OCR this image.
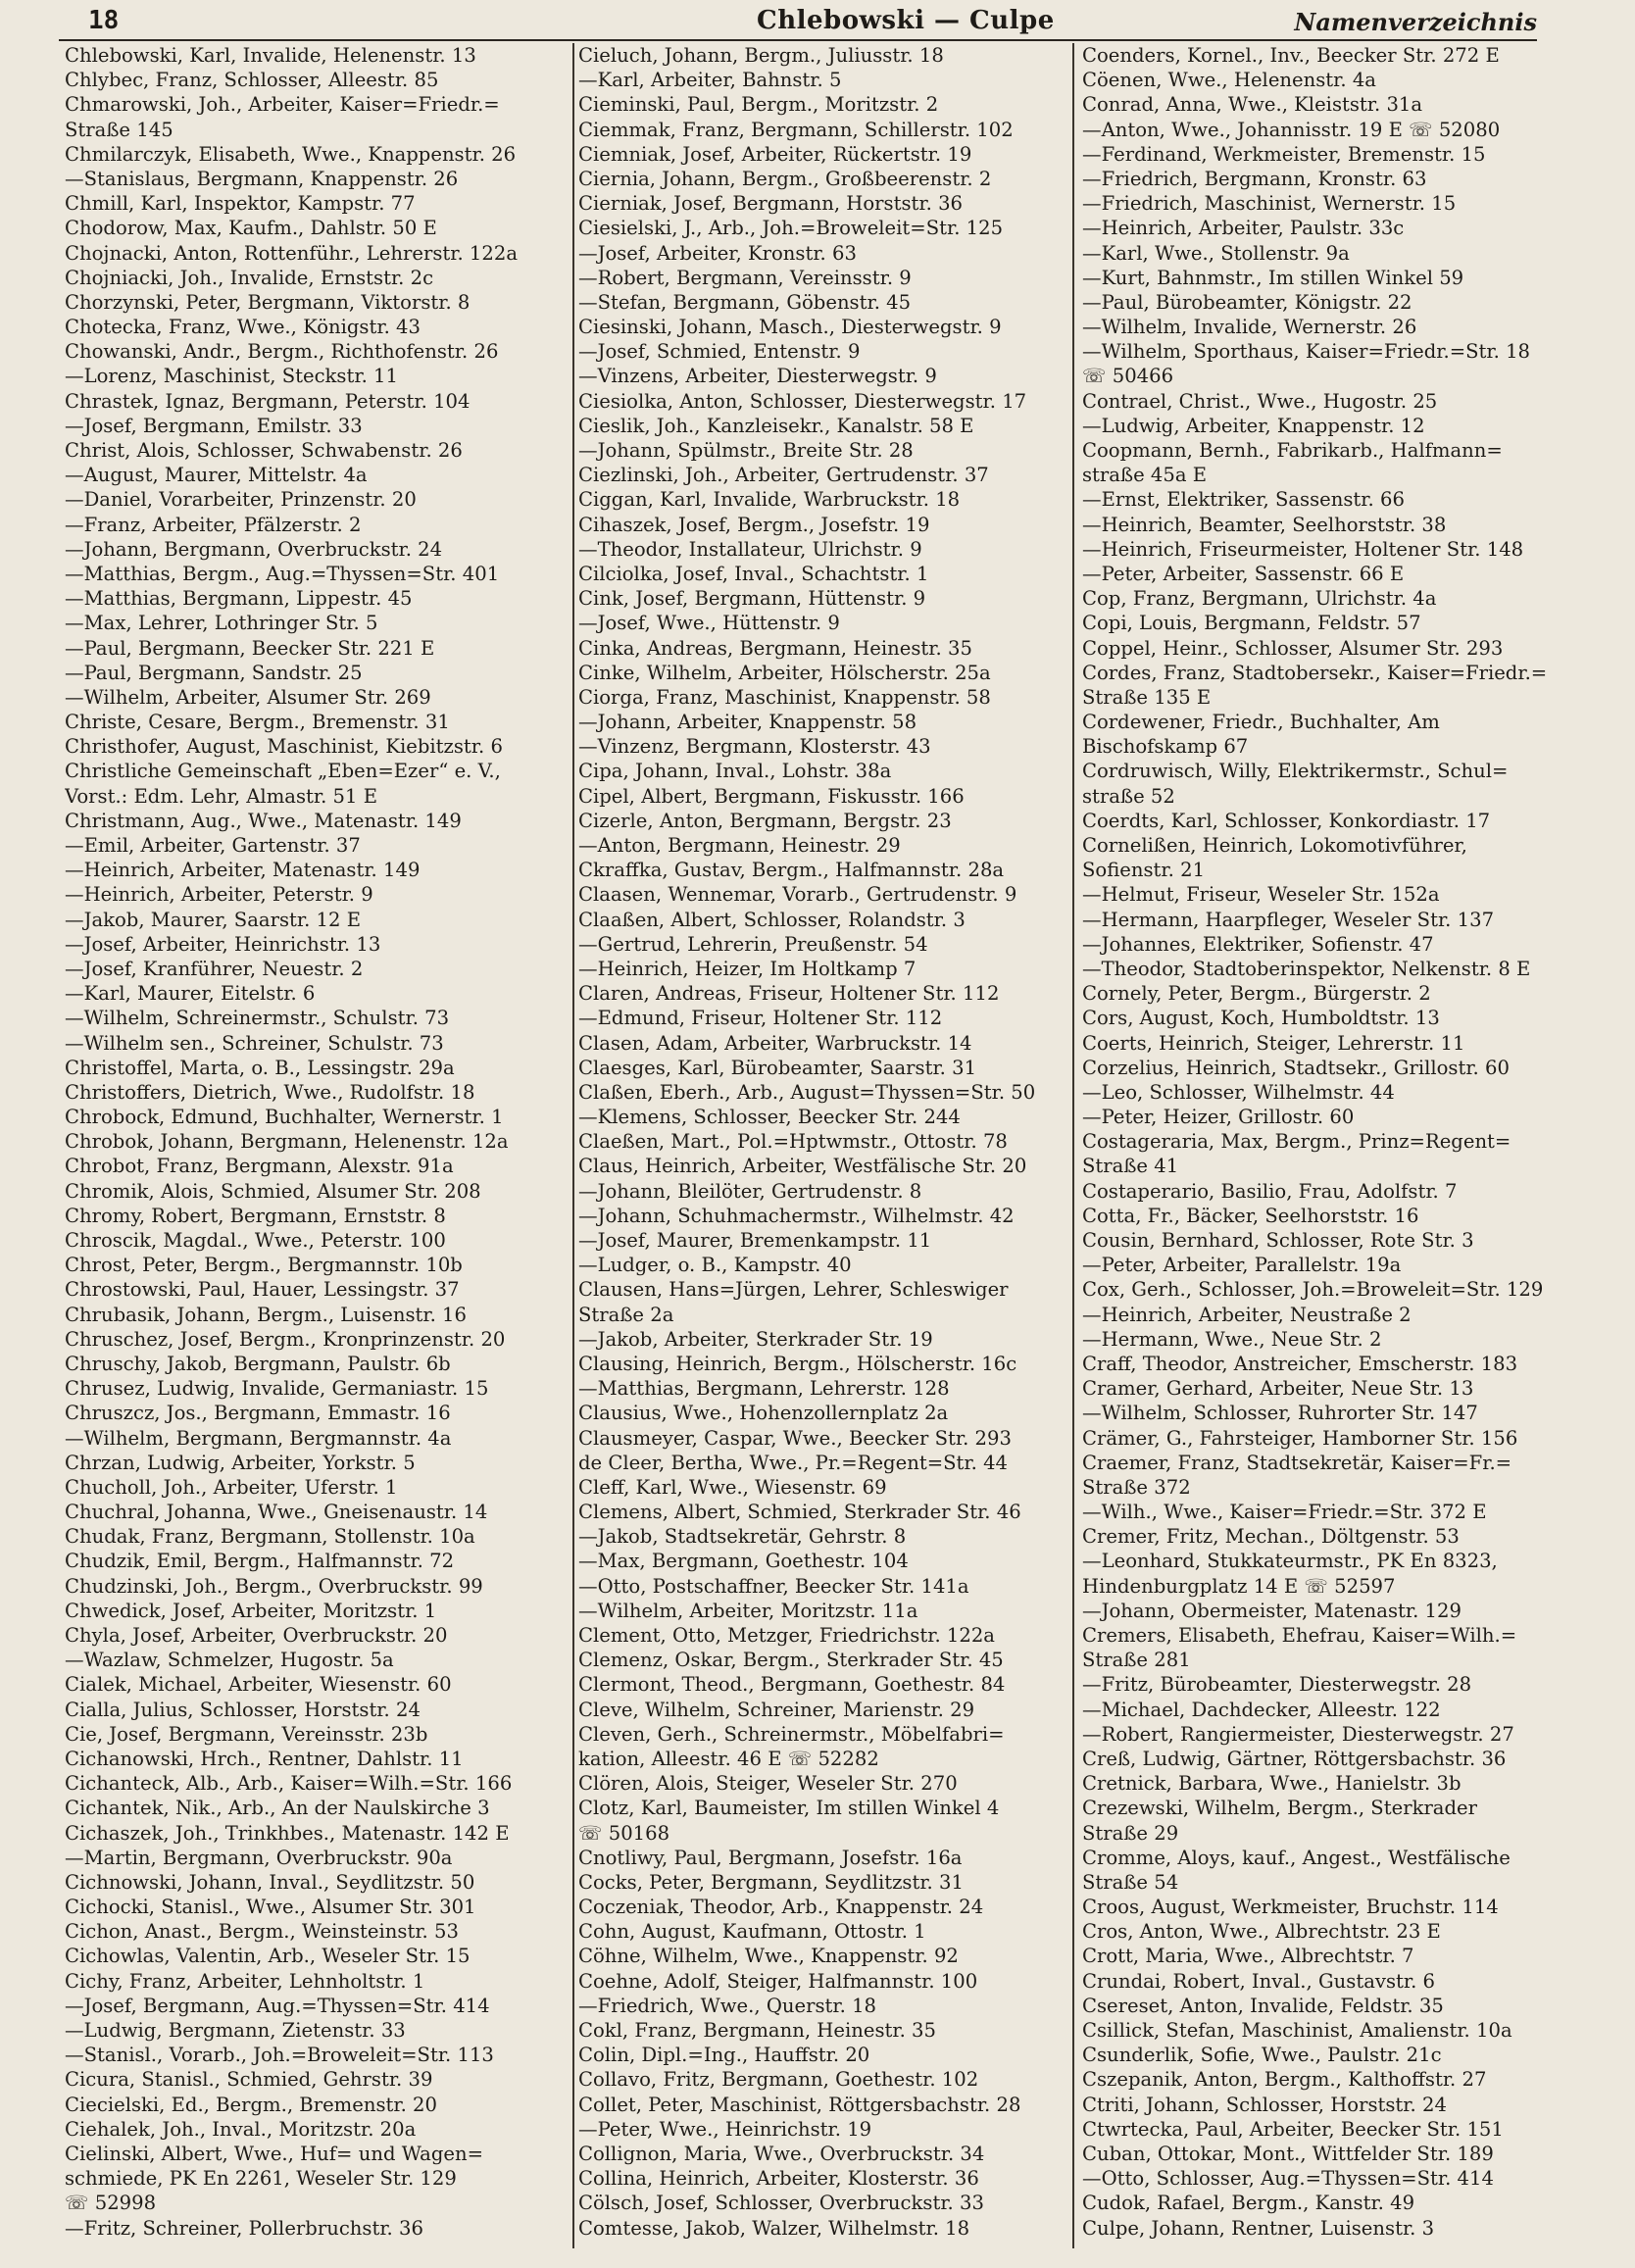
18	Chlebowski — Culpe	Namenverzeichnis
Chlebowski, Karl, Invalide, Helenenstr. 13
Chlybec, Franz, Schlosser, Alleestr. 85
Chmarowski, Joh., Arbeiter, Kaiser=Friedr.=
Straße 145
Chmilarczyk, Elisabeth, Wwe., Knappenstr. 26
—Stanislaus, Bergmann, Knappenstr. 26
Chmill, Karl, Inspektor, Kampstr. 77
Chodorow, Max, Kaufm., Dahlstr. 50 E
Chojnacki, Anton, Rottenführ., Lehrerstr. 122a
Chojniacki, Joh., Invalide, Ernststr. 2c
Chorzynski, Peter, Bergmann, Viktorstr. 8
Chotecka, Franz, Wwe., Königstr. 43
Chowanski, Andr., Bergm., Richthofenstr. 26
—Lorenz, Maschinist, Steckstr. 11
Chrastek, Ignaz, Bergmann, Peterstr. 104
—Josef, Bergmann, Emilstr. 33
Christ, Alois, Schlosser, Schwabenstr. 26
—August, Maurer, Mittelstr. 4a
—Daniel, Vorarbeiter, Prinzenstr. 20
—Franz, Arbeiter, Pfälzerstr. 2
—Johann, Bergmann, Overbruckstr. 24
—Matthias, Bergm., Aug.=Thyssen=Str. 401
—Matthias, Bergmann, Lippestr. 45
—Max, Lehrer, Lothringer Str. 5
—Paul, Bergmann, Beecker Str. 221 E
—Paul, Bergmann, Sandstr. 25
—Wilhelm, Arbeiter, Alsumer Str. 269
Christe, Cesare, Bergm., Bremenstr. 31
Christhofer, August, Maschinist, Kiebitzstr. 6
Christliche Gemeinschaft „Eben=Ezer“ e. V.,
Vorst.: Edm. Lehr, Almastr. 51 E
Christmann, Aug., Wwe., Matenastr. 149
—Emil, Arbeiter, Gartenstr. 37
—Heinrich, Arbeiter, Matenastr. 149
—Heinrich, Arbeiter, Peterstr. 9
—Jakob, Maurer, Saarstr. 12 E
—Josef, Arbeiter, Heinrichstr. 13
—Josef, Kranführer, Neuestr. 2
—Karl, Maurer, Eitelstr. 6
—Wilhelm, Schreinermstr., Schulstr. 73
—Wilhelm sen., Schreiner, Schulstr. 73
Christoffel, Marta, o. B., Lessingstr. 29a
Christoffers, Dietrich, Wwe., Rudolfstr. 18
Chrobock, Edmund, Buchhalter, Wernerstr. 1
Chrobok, Johann, Bergmann, Helenenstr. 12a
Chrobot, Franz, Bergmann, Alexstr. 91a
Chromik, Alois, Schmied, Alsumer Str. 208
Chromy, Robert, Bergmann, Ernststr. 8
Chroscik, Magdal., Wwe., Peterstr. 100
Chrost, Peter, Bergm., Bergmannstr. 10b
Chrostowski, Paul, Hauer, Lessingstr. 37
Chrubasik, Johann, Bergm., Luisenstr. 16
Chruschez, Josef, Bergm., Kronprinzenstr. 20
Chruschy, Jakob, Bergmann, Paulstr. 6b
Chrusez, Ludwig, Invalide, Germaniastr. 15
Chruszcz, Jos., Bergmann, Emmastr. 16
—Wilhelm, Bergmann, Bergmannstr. 4a
Chrzan, Ludwig, Arbeiter, Yorkstr. 5
Chucholl, Joh., Arbeiter, Uferstr. 1
Chuchral, Johanna, Wwe., Gneisenaustr. 14
Chudak, Franz, Bergmann, Stollenstr. 10a
Chudzik, Emil, Bergm., Halfmannstr. 72
Chudzinski, Joh., Bergm., Overbruckstr. 99
Chwedick, Josef, Arbeiter, Moritzstr. 1
Chyla, Josef, Arbeiter, Overbruckstr. 20
—Wazlaw, Schmelzer, Hugostr. 5a
Cialek, Michael, Arbeiter, Wiesenstr. 60
Cialla, Julius, Schlosser, Horststr. 24
Cie, Josef, Bergmann, Vereinsstr. 23b
Cichanowski, Hrch., Rentner, Dahlstr. 11
Cichanteck, Alb., Arb., Kaiser=Wilh.=Str. 166
Cichantek, Nik., Arb., An der Naulskirche 3
Cichaszek, Joh., Trinkhbes., Matenastr. 142 E
—Martin, Bergmann, Overbruckstr. 90a
Cichnowski, Johann, Inval., Seydlitzstr. 50
Cichocki, Stanisl., Wwe., Alsumer Str. 301
Cichon, Anast., Bergm., Weinsteinstr. 53
Cichowlas, Valentin, Arb., Weseler Str. 15
Cichy, Franz, Arbeiter, Lehnholtstr. 1
—Josef, Bergmann, Aug.=Thyssen=Str. 414
—Ludwig, Bergmann, Zietenstr. 33
—Stanisl., Vorarb., Joh.=Broweleit=Str. 113
Cicura, Stanisl., Schmied, Gehrstr. 39
Ciecielski, Ed., Bergm., Bremenstr. 20
Ciehalek, Joh., Inval., Moritzstr. 20a
Cielinski, Albert, Wwe., Huf= und Wagen=
schmiede, PK En 2261, Weseler Str. 129
☏ 52998
—Fritz, Schreiner, Pollerbruchstr. 36
Cieluch, Johann, Bergm., Juliusstr. 18
—Karl, Arbeiter, Bahnstr. 5
Cieminski, Paul, Bergm., Moritzstr. 2
Ciemmak, Franz, Bergmann, Schillerstr. 102
Ciemniak, Josef, Arbeiter, Rückertstr. 19
Ciernia, Johann, Bergm., Großbeerenstr. 2
Cierniak, Josef, Bergmann, Horststr. 36
Ciesielski, J., Arb., Joh.=Broweleit=Str. 125
—Josef, Arbeiter, Kronstr. 63
—Robert, Bergmann, Vereinsstr. 9
—Stefan, Bergmann, Göbenstr. 45
Ciesinski, Johann, Masch., Diesterwegstr. 9
—Josef, Schmied, Entenstr. 9
—Vinzens, Arbeiter, Diesterwegstr. 9
Ciesiolka, Anton, Schlosser, Diesterwegstr. 17
Cieslik, Joh., Kanzleisekr., Kanalstr. 58 E
—Johann, Spülmstr., Breite Str. 28
Ciezlinski, Joh., Arbeiter, Gertrudenstr. 37
Ciggan, Karl, Invalide, Warbruckstr. 18
Cihaszek, Josef, Bergm., Josefstr. 19
—Theodor, Installateur, Ulrichstr. 9
Cilciolka, Josef, Inval., Schachtstr. 1
Cink, Josef, Bergmann, Hüttenstr. 9
—Josef, Wwe., Hüttenstr. 9
Cinka, Andreas, Bergmann, Heinestr. 35
Cinke, Wilhelm, Arbeiter, Hölscherstr. 25a
Ciorga, Franz, Maschinist, Knappenstr. 58
—Johann, Arbeiter, Knappenstr. 58
—Vinzenz, Bergmann, Klosterstr. 43
Cipa, Johann, Inval., Lohstr. 38a
Cipel, Albert, Bergmann, Fiskusstr. 166
Cizerle, Anton, Bergmann, Bergstr. 23
—Anton, Bergmann, Heinestr. 29
Ckraffka, Gustav, Bergm., Halfmannstr. 28a
Claasen, Wennemar, Vorarb., Gertrudenstr. 9
Claaßen, Albert, Schlosser, Rolandstr. 3
—Gertrud, Lehrerin, Preußenstr. 54
—Heinrich, Heizer, Im Holtkamp 7
Claren, Andreas, Friseur, Holtener Str. 112
—Edmund, Friseur, Holtener Str. 112
Clasen, Adam, Arbeiter, Warbruckstr. 14
Claesges, Karl, Bürobeamter, Saarstr. 31
Claßen, Eberh., Arb., August=Thyssen=Str. 50
—Klemens, Schlosser, Beecker Str. 244
Claeßen, Mart., Pol.=Hptwmstr., Ottostr. 78
Claus, Heinrich, Arbeiter, Westfälische Str. 20
—Johann, Bleilöter, Gertrudenstr. 8
—Johann, Schuhmachermstr., Wilhelmstr. 42
—Josef, Maurer, Bremenkampstr. 11
—Ludger, o. B., Kampstr. 40
Clausen, Hans=Jürgen, Lehrer, Schleswiger
Straße 2a
—Jakob, Arbeiter, Sterkrader Str. 19
Clausing, Heinrich, Bergm., Hölscherstr. 16c
—Matthias, Bergmann, Lehrerstr. 128
Clausius, Wwe., Hohenzollernplatz 2a
Clausmeyer, Caspar, Wwe., Beecker Str. 293
de Cleer, Bertha, Wwe., Pr.=Regent=Str. 44
Cleff, Karl, Wwe., Wiesenstr. 69
Clemens, Albert, Schmied, Sterkrader Str. 46
—Jakob, Stadtsekretär, Gehrstr. 8
—Max, Bergmann, Goethestr. 104
—Otto, Postschaffner, Beecker Str. 141a
—Wilhelm, Arbeiter, Moritzstr. 11a
Clement, Otto, Metzger, Friedrichstr. 122a
Clemenz, Oskar, Bergm., Sterkrader Str. 45
Clermont, Theod., Bergmann, Goethestr. 84
Cleve, Wilhelm, Schreiner, Marienstr. 29
Cleven, Gerh., Schreinermstr., Möbelfabri=
kation, Alleestr. 46 E ☏ 52282
Clören, Alois, Steiger, Weseler Str. 270
Clotz, Karl, Baumeister, Im stillen Winkel 4
☏ 50168
Cnotliwy, Paul, Bergmann, Josefstr. 16a
Cocks, Peter, Bergmann, Seydlitzstr. 31
Coczeniak, Theodor, Arb., Knappenstr. 24
Cohn, August, Kaufmann, Ottostr. 1
Cöhne, Wilhelm, Wwe., Knappenstr. 92
Coehne, Adolf, Steiger, Halfmannstr. 100
—Friedrich, Wwe., Querstr. 18
Cokl, Franz, Bergmann, Heinestr. 35
Colin, Dipl.=Ing., Hauffstr. 20
Collavo, Fritz, Bergmann, Goethestr. 102
Collet, Peter, Maschinist, Röttgersbachstr. 28
—Peter, Wwe., Heinrichstr. 19
Collignon, Maria, Wwe., Overbruckstr. 34
Collina, Heinrich, Arbeiter, Klosterstr. 36
Cölsch, Josef, Schlosser, Overbruckstr. 33
Comtesse, Jakob, Walzer, Wilhelmstr. 18
Coenders, Kornel., Inv., Beecker Str. 272 E
Cöenen, Wwe., Helenenstr. 4a
Conrad, Anna, Wwe., Kleiststr. 31a
—Anton, Wwe., Johannisstr. 19 E ☏ 52080
—Ferdinand, Werkmeister, Bremenstr. 15
—Friedrich, Bergmann, Kronstr. 63
—Friedrich, Maschinist, Wernerstr. 15
—Heinrich, Arbeiter, Paulstr. 33c
—Karl, Wwe., Stollenstr. 9a
—Kurt, Bahnmstr., Im stillen Winkel 59
—Paul, Bürobeamter, Königstr. 22
—Wilhelm, Invalide, Wernerstr. 26
—Wilhelm, Sporthaus, Kaiser=Friedr.=Str. 18
☏ 50466
Contrael, Christ., Wwe., Hugostr. 25
—Ludwig, Arbeiter, Knappenstr. 12
Coopmann, Bernh., Fabrikarb., Halfmann=
straße 45a E
—Ernst, Elektriker, Sassenstr. 66
—Heinrich, Beamter, Seelhorststr. 38
—Heinrich, Friseurmeister, Holtener Str. 148
—Peter, Arbeiter, Sassenstr. 66 E
Cop, Franz, Bergmann, Ulrichstr. 4a
Copi, Louis, Bergmann, Feldstr. 57
Coppel, Heinr., Schlosser, Alsumer Str. 293
Cordes, Franz, Stadtobersekr., Kaiser=Friedr.=
Straße 135 E
Cordewener, Friedr., Buchhalter, Am
Bischofskamp 67
Cordruwisch, Willy, Elektrikermstr., Schul=
straße 52
Coerdts, Karl, Schlosser, Konkordiastr. 17
Cornelißen, Heinrich, Lokomotivführer,
Sofienstr. 21
—Helmut, Friseur, Weseler Str. 152a
—Hermann, Haarpfleger, Weseler Str. 137
—Johannes, Elektriker, Sofienstr. 47
—Theodor, Stadtoberinspektor, Nelkenstr. 8 E
Cornely, Peter, Bergm., Bürgerstr. 2
Cors, August, Koch, Humboldtstr. 13
Coerts, Heinrich, Steiger, Lehrerstr. 11
Corzelius, Heinrich, Stadtsekr., Grillostr. 60
—Leo, Schlosser, Wilhelmstr. 44
—Peter, Heizer, Grillostr. 60
Costageraria, Max, Bergm., Prinz=Regent=
Straße 41
Costaperario, Basilio, Frau, Adolfstr. 7
Cotta, Fr., Bäcker, Seelhorststr. 16
Cousin, Bernhard, Schlosser, Rote Str. 3
—Peter, Arbeiter, Parallelstr. 19a
Cox, Gerh., Schlosser, Joh.=Broweleit=Str. 129
—Heinrich, Arbeiter, Neustraße 2
—Hermann, Wwe., Neue Str. 2
Craff, Theodor, Anstreicher, Emscherstr. 183
Cramer, Gerhard, Arbeiter, Neue Str. 13
—Wilhelm, Schlosser, Ruhrorter Str. 147
Crämer, G., Fahrsteiger, Hamborner Str. 156
Craemer, Franz, Stadtsekretär, Kaiser=Fr.=
Straße 372
—Wilh., Wwe., Kaiser=Friedr.=Str. 372 E
Cremer, Fritz, Mechan., Döltgenstr. 53
—Leonhard, Stukkateurmstr., PK En 8323,
Hindenburgplatz 14 E ☏ 52597
—Johann, Obermeister, Matenastr. 129
Cremers, Elisabeth, Ehefrau, Kaiser=Wilh.=
Straße 281
—Fritz, Bürobeamter, Diesterwegstr. 28
—Michael, Dachdecker, Alleestr. 122
—Robert, Rangiermeister, Diesterwegstr. 27
Creß, Ludwig, Gärtner, Röttgersbachstr. 36
Cretnick, Barbara, Wwe., Hanielstr. 3b
Crezewski, Wilhelm, Bergm., Sterkrader
Straße 29
Cromme, Aloys, kauf., Angest., Westfälische
Straße 54
Croos, August, Werkmeister, Bruchstr. 114
Cros, Anton, Wwe., Albrechtstr. 23 E
Crott, Maria, Wwe., Albrechtstr. 7
Crundai, Robert, Inval., Gustavstr. 6
Csereset, Anton, Invalide, Feldstr. 35
Csillick, Stefan, Maschinist, Amalienstr. 10a
Csunderlik, Sofie, Wwe., Paulstr. 21c
Cszepanik, Anton, Bergm., Kalthoffstr. 27
Ctriti, Johann, Schlosser, Horststr. 24
Ctwrtecka, Paul, Arbeiter, Beecker Str. 151
Cuban, Ottokar, Mont., Wittfelder Str. 189
—Otto, Schlosser, Aug.=Thyssen=Str. 414
Cudok, Rafael, Bergm., Kanstr. 49
Culpe, Johann, Rentner, Luisenstr. 3
